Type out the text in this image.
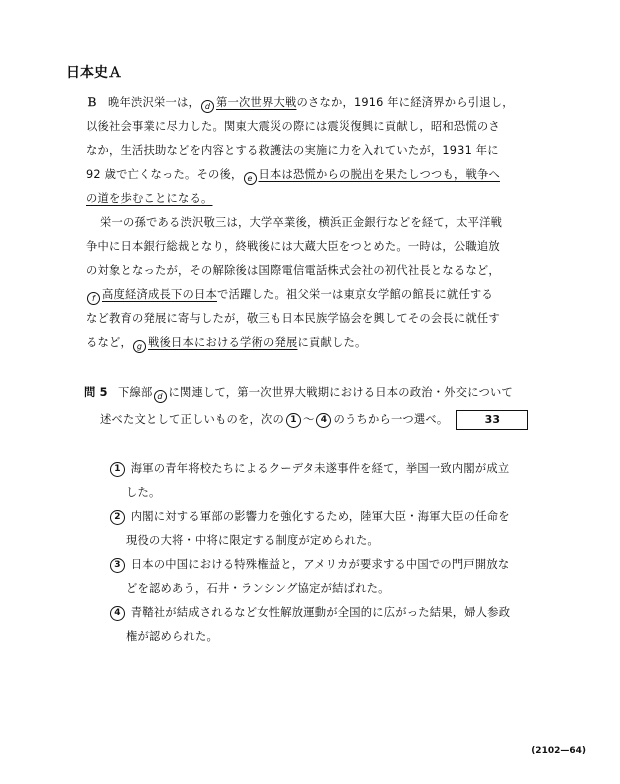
日本史Ａ
Ｂ 晩年渋沢栄一は， d 第一次世界大戦のさなか，1916 年に経済界から引退し，
以後社会事業に尽力した。関東大震災の際には震災復興に貢献し，昭和恐慌のさ
なか，生活扶助などを内容とする救護法の実施に力を入れていたが，1931 年に
92 歳で亡くなった。その後， e 日本は恐慌からの脱出を果たしつつも，戦争へ
の道を歩むことになる。
栄一の孫である渋沢敬三は，大学卒業後，横浜正金銀行などを経て，太平洋戦
争中に日本銀行総裁となり，終戦後には大蔵大臣をつとめた。一時は，公職追放
の対象となったが，その解除後は国際電信電話株式会社の初代社長となるなど，
f 高度経済成長下の日本で活躍した。祖父栄一は東京女学館の館長に就任する
など教育の発展に寄与したが，敬三も日本民族学協会を興してその会長に就任す
るなど， g 戦後日本における学術の発展に貢献した。
問 5 下線部 d に関連して，第一次世界大戦期における日本の政治・外交について
述べた文として正しいものを，次の 1 ～ 4 のうちから一つ選べ。	33
1 海軍の青年将校たちによるクーデタ未遂事件を経て，挙国一致内閣が成立
した。
2 内閣に対する軍部の影響力を強化するため，陸軍大臣・海軍大臣の任命を
現役の大将・中将に限定する制度が定められた。
3 日本の中国における特殊権益と，アメリカが要求する中国での門戸開放な
どを認めあう，石井・ランシング協定が結ばれた。
4 青鞜社が結成されるなど女性解放運動が全国的に広がった結果，婦人参政
権が認められた。
(2102—64)
